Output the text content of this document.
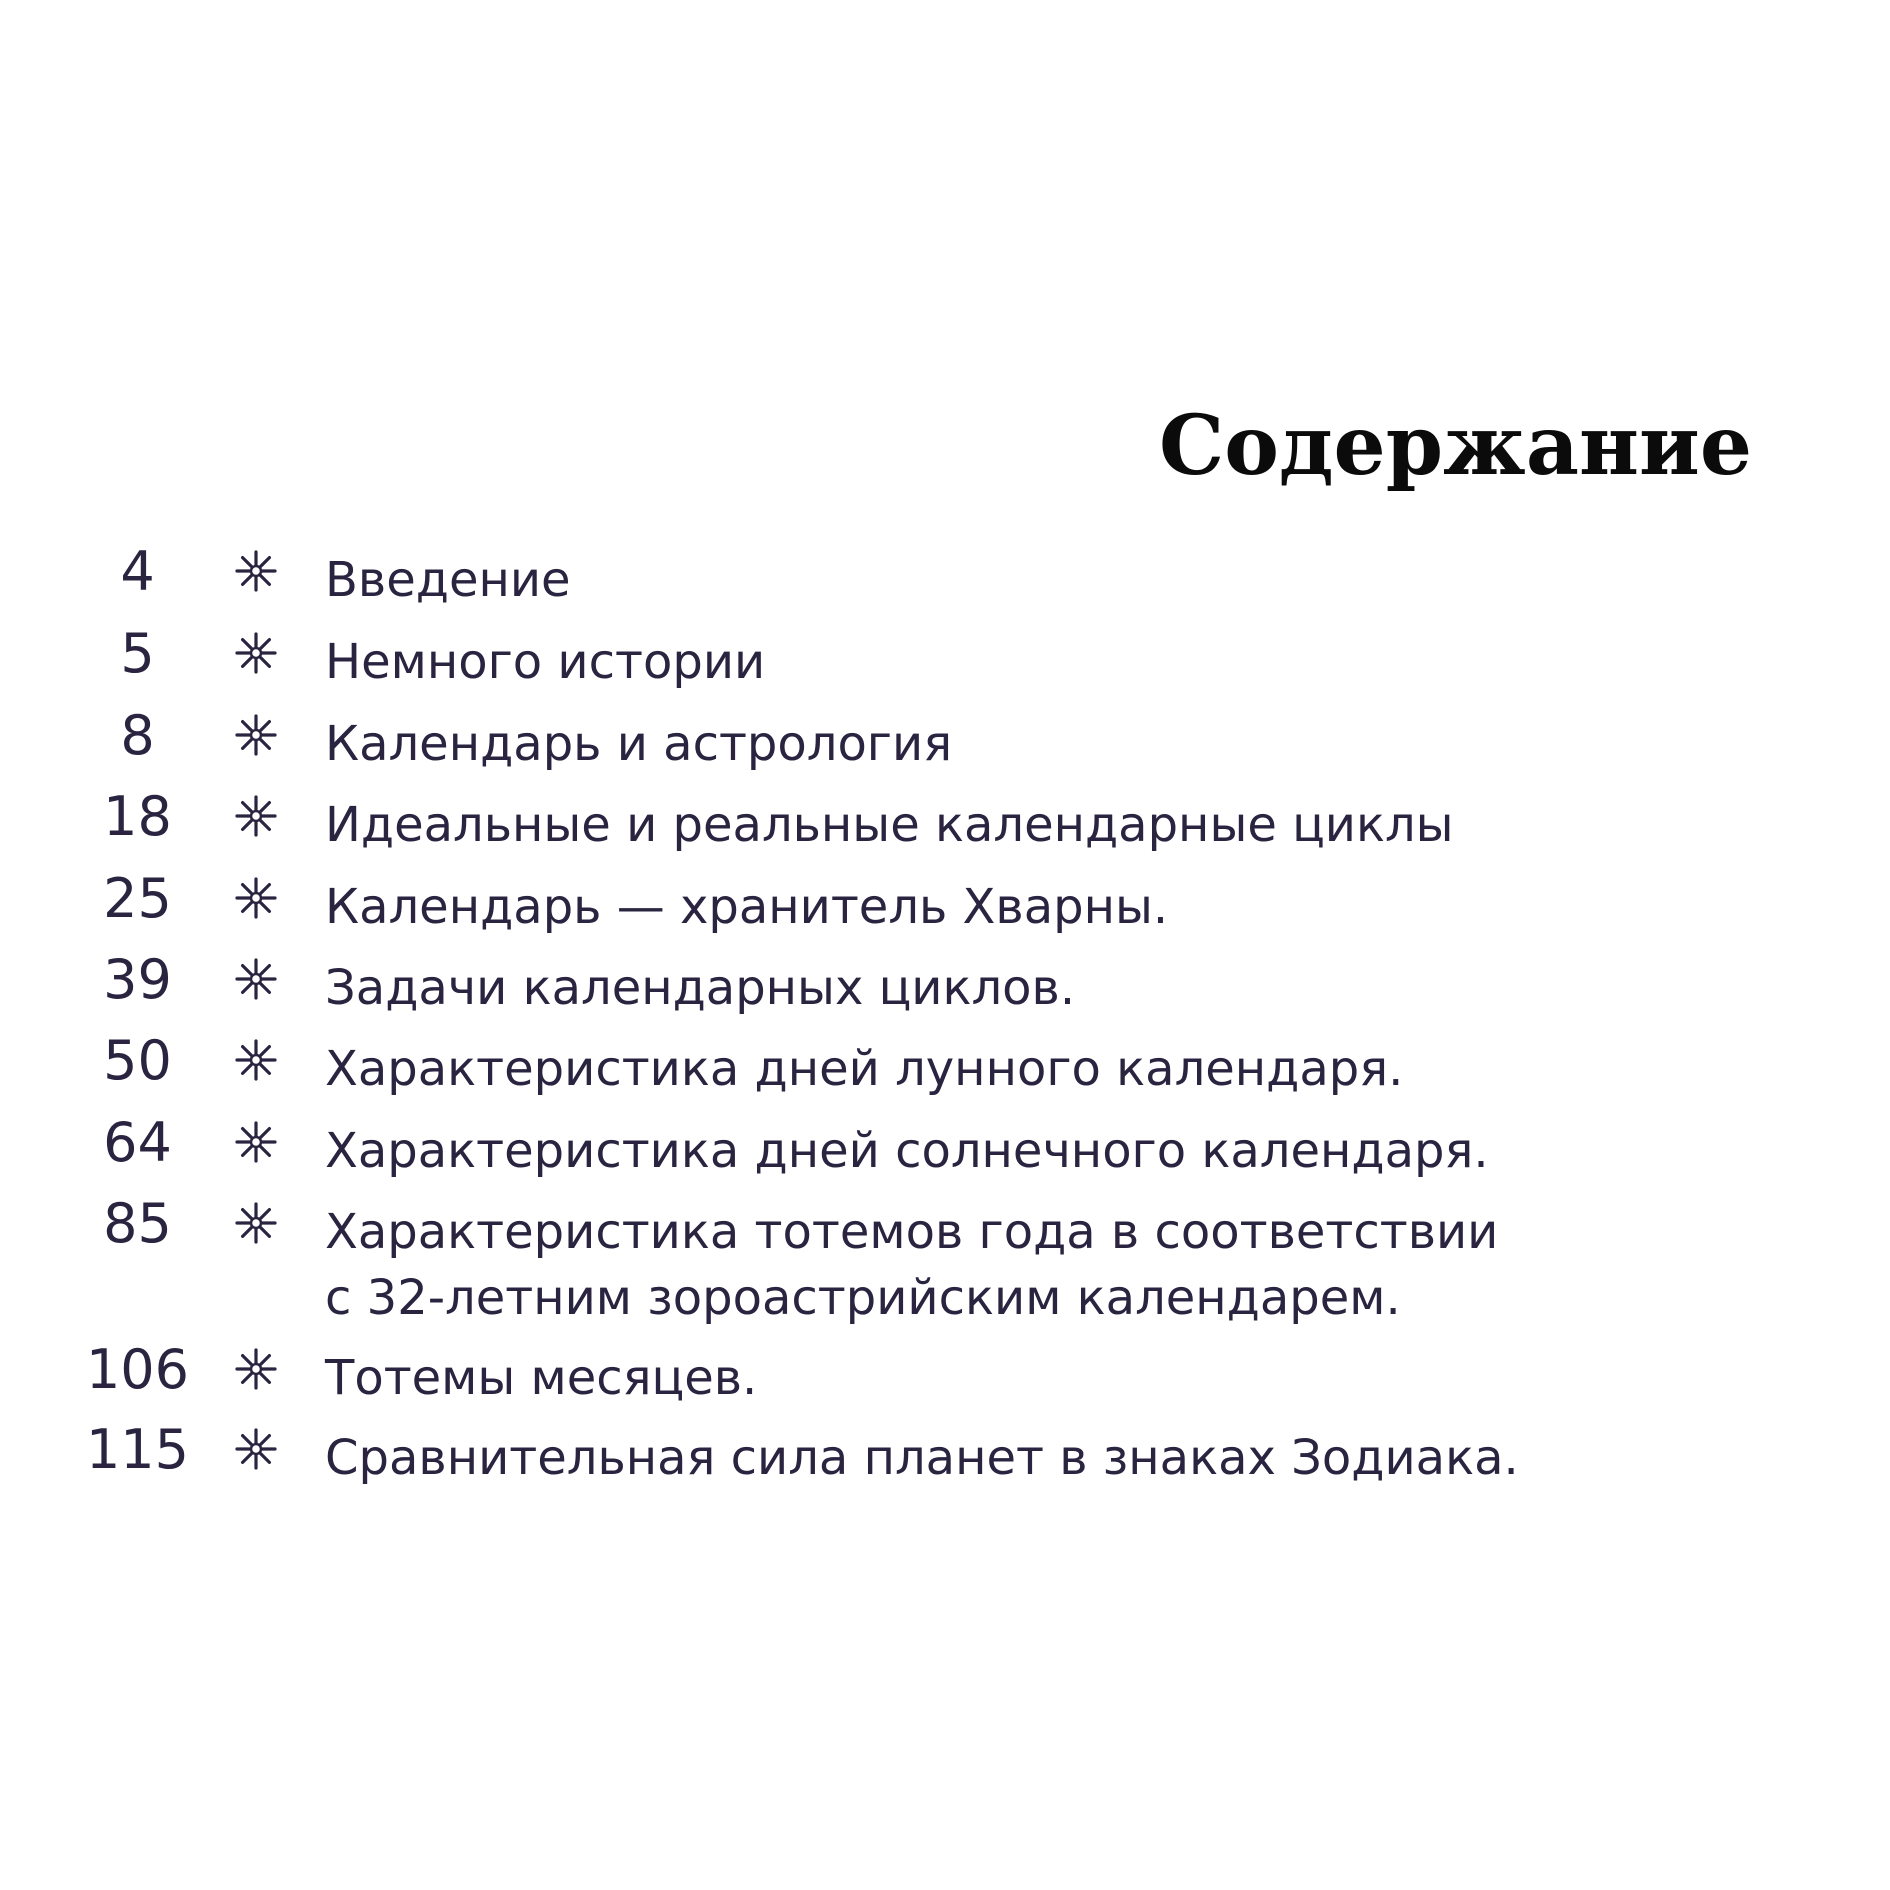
Содержание
4	Введение
5	Немного истории
8	Календарь и астрология
18	Идеальные и реальные календарные циклы
25	Календарь — хранитель Хварны.
39	Задачи календарных циклов.
50	Характеристика дней лунного календаря.
64	Характеристика дней солнечного календаря.
85	Характеристика тотемов года в соответствии
с 32-летним зороастрийским календарем.
106	Тотемы месяцев.
115	Сравнительная сила планет в знаках Зодиака.
